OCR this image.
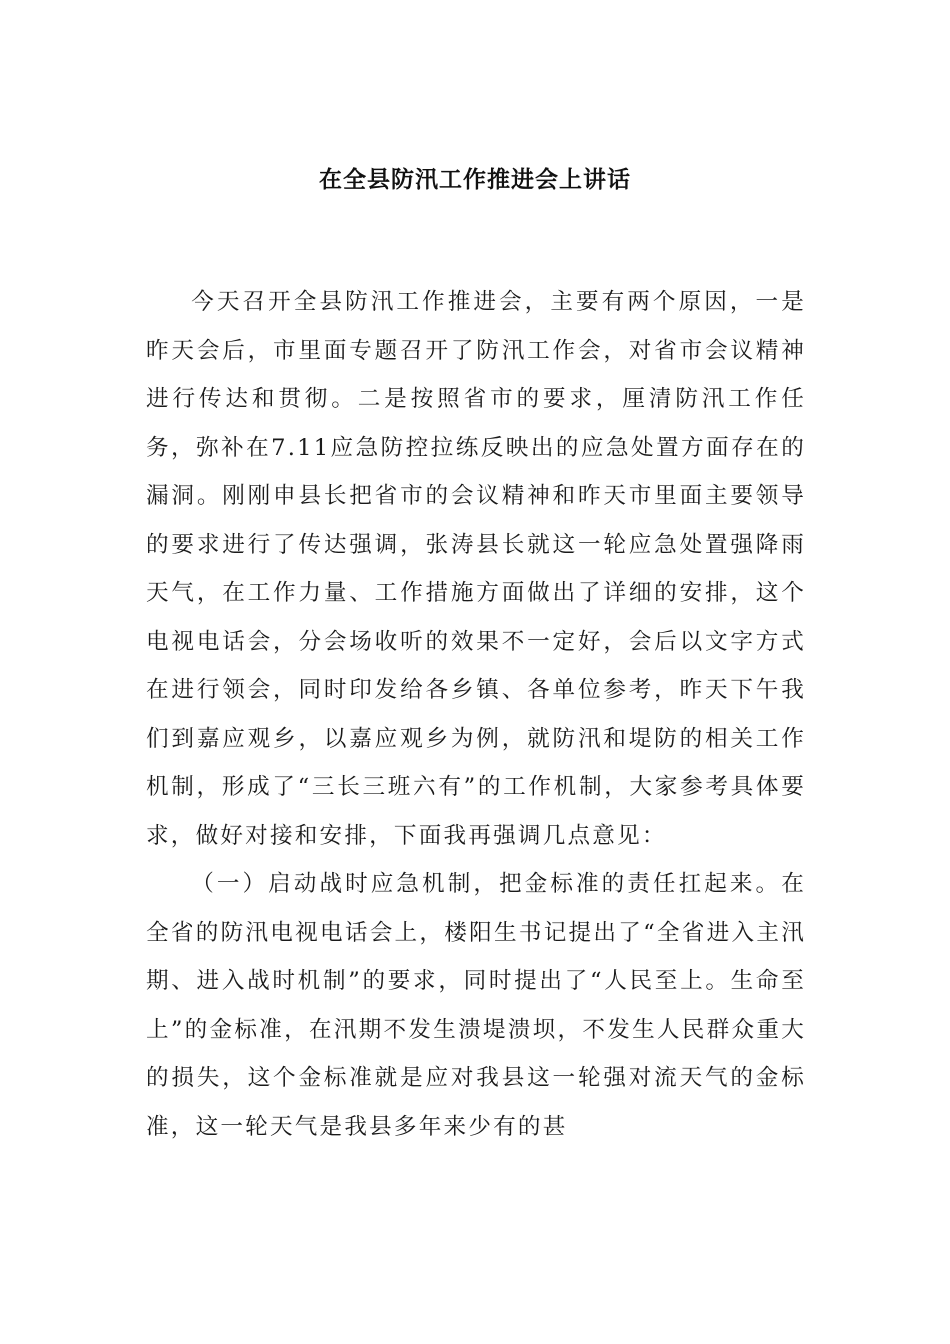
在全县防汛工作推进会上讲话

今天召开全县防汛工作推进会，主要有两个原因，一是昨天会后，市里面专题召开了防汛工作会，对省市会议精神进行传达和贯彻。二是按照省市的要求，厘清防汛工作任务，弥补在7.11应急防控拉练反映出的应急处置方面存在的漏洞。刚刚申县长把省市的会议精神和昨天市里面主要领导的要求进行了传达强调，张涛县长就这一轮应急处置强降雨天气，在工作力量、工作措施方面做出了详细的安排，这个电视电话会，分会场收听的效果不一定好，会后以文字方式在进行领会，同时印发给各乡镇、各单位参考，昨天下午我们到嘉应观乡，以嘉应观乡为例，就防汛和堤防的相关工作机制，形成了“三长三班六有”的工作机制，大家参考具体要求，做好对接和安排，下面我再强调几点意见：

（一）启动战时应急机制，把金标准的责任扛起来。在全省的防汛电视电话会上，楼阳生书记提出了“全省进入主汛期、进入战时机制”的要求，同时提出了“人民至上。生命至上”的金标准，在汛期不发生溃堤溃坝，不发生人民群众重大的损失，这个金标准就是应对我县这一轮强对流天气的金标准，这一轮天气是我县多年来少有的甚
